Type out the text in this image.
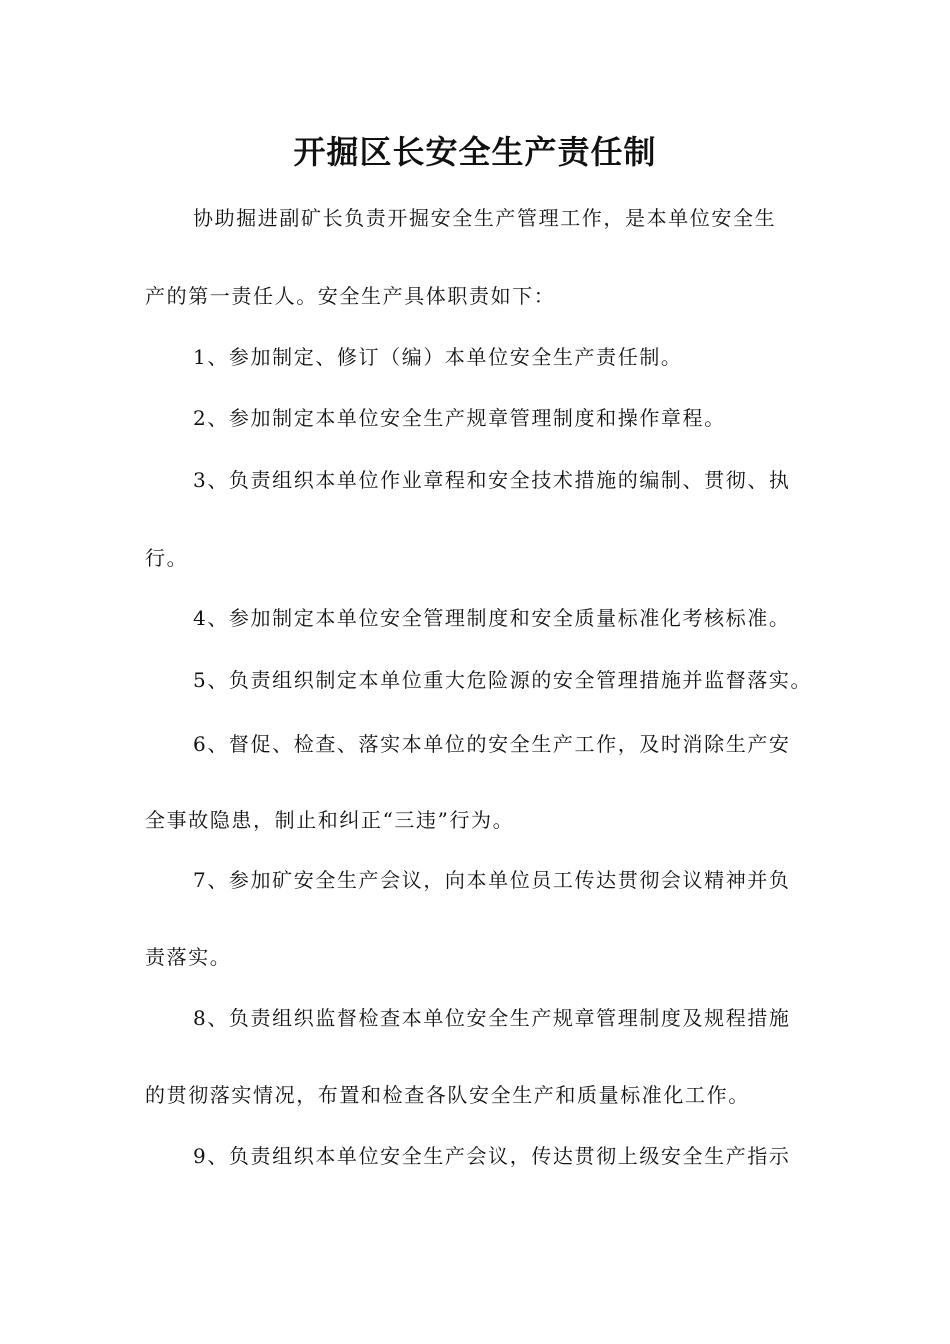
开掘区长安全生产责任制
协助掘进副矿长负责开掘安全生产管理工作，是本单位安全生
产的第一责任人。安全生产具体职责如下：
1、参加制定、修订（编）本单位安全生产责任制。
2、参加制定本单位安全生产规章管理制度和操作章程。
3、负责组织本单位作业章程和安全技术措施的编制、贯彻、执
行。
4、参加制定本单位安全管理制度和安全质量标准化考核标准。
5、负责组织制定本单位重大危险源的安全管理措施并监督落实。
6、督促、检查、落实本单位的安全生产工作，及时消除生产安
全事故隐患，制止和纠正“三违”行为。
7、参加矿安全生产会议，向本单位员工传达贯彻会议精神并负
责落实。
8、负责组织监督检查本单位安全生产规章管理制度及规程措施
的贯彻落实情况，布置和检查各队安全生产和质量标准化工作。
9、负责组织本单位安全生产会议，传达贯彻上级安全生产指示
